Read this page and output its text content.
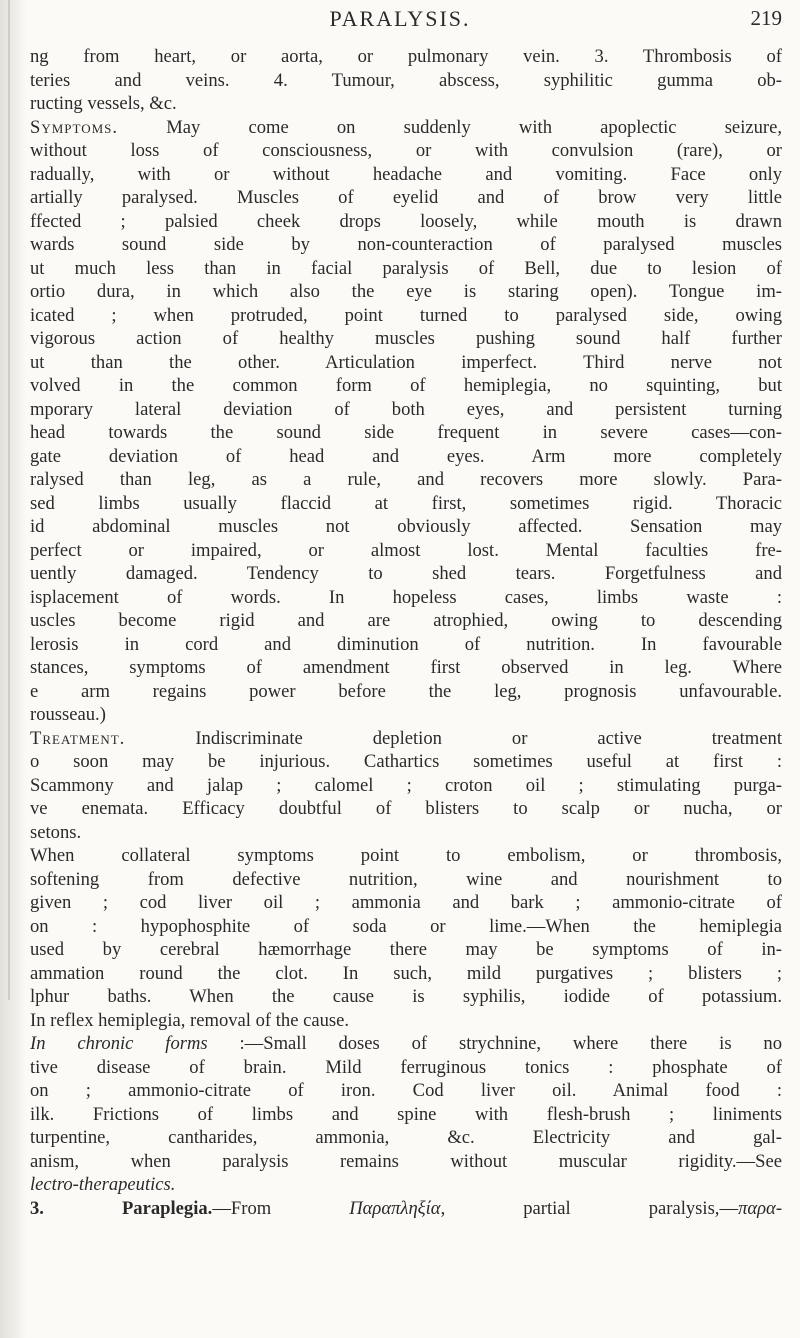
PARALYSIS.	219
ng from heart, or aorta, or pulmonary vein. 3. Thrombosis of
teries and veins. 4. Tumour, abscess, syphilitic gumma ob-
ructing vessels, &c.
Symptoms. May come on suddenly with apoplectic seizure,
without loss of consciousness, or with convulsion (rare), or
radually, with or without headache and vomiting. Face only
artially paralysed. Muscles of eyelid and of brow very little
ffected ; palsied cheek drops loosely, while mouth is drawn
wards sound side by non-counteraction of paralysed muscles
ut much less than in facial paralysis of Bell, due to lesion of
ortio dura, in which also the eye is staring open). Tongue im-
icated ; when protruded, point turned to paralysed side, owing
vigorous action of healthy muscles pushing sound half further
ut than the other. Articulation imperfect. Third nerve not
volved in the common form of hemiplegia, no squinting, but
mporary lateral deviation of both eyes, and persistent turning
head towards the sound side frequent in severe cases—con-
gate deviation of head and eyes. Arm more completely
ralysed than leg, as a rule, and recovers more slowly. Para-
sed limbs usually flaccid at first, sometimes rigid. Thoracic
id abdominal muscles not obviously affected. Sensation may
perfect or impaired, or almost lost. Mental faculties fre-
uently damaged. Tendency to shed tears. Forgetfulness and
isplacement of words. In hopeless cases, limbs waste :
uscles become rigid and are atrophied, owing to descending
lerosis in cord and diminution of nutrition. In favourable
stances, symptoms of amendment first observed in leg. Where
e arm regains power before the leg, prognosis unfavourable.
rousseau.)
Treatment. Indiscriminate depletion or active treatment
o soon may be injurious. Cathartics sometimes useful at first :
Scammony and jalap ; calomel ; croton oil ; stimulating purga-
ve enemata. Efficacy doubtful of blisters to scalp or nucha, or
setons.
When collateral symptoms point to embolism, or thrombosis,
softening from defective nutrition, wine and nourishment to
given ; cod liver oil ; ammonia and bark ; ammonio-citrate of
on : hypophosphite of soda or lime.—When the hemiplegia
used by cerebral hæmorrhage there may be symptoms of in-
ammation round the clot. In such, mild purgatives ; blisters ;
lphur baths. When the cause is syphilis, iodide of potassium.
In reflex hemiplegia, removal of the cause.
In chronic forms :—Small doses of strychnine, where there is no
tive disease of brain. Mild ferruginous tonics : phosphate of
on ; ammonio-citrate of iron. Cod liver oil. Animal food :
ilk. Frictions of limbs and spine with flesh-brush ; liniments
turpentine, cantharides, ammonia, &c. Electricity and gal-
anism, when paralysis remains without muscular rigidity.—See
lectro-therapeutics.
3. Paraplegia.—From Παραπληξία, partial paralysis,—παρα-
